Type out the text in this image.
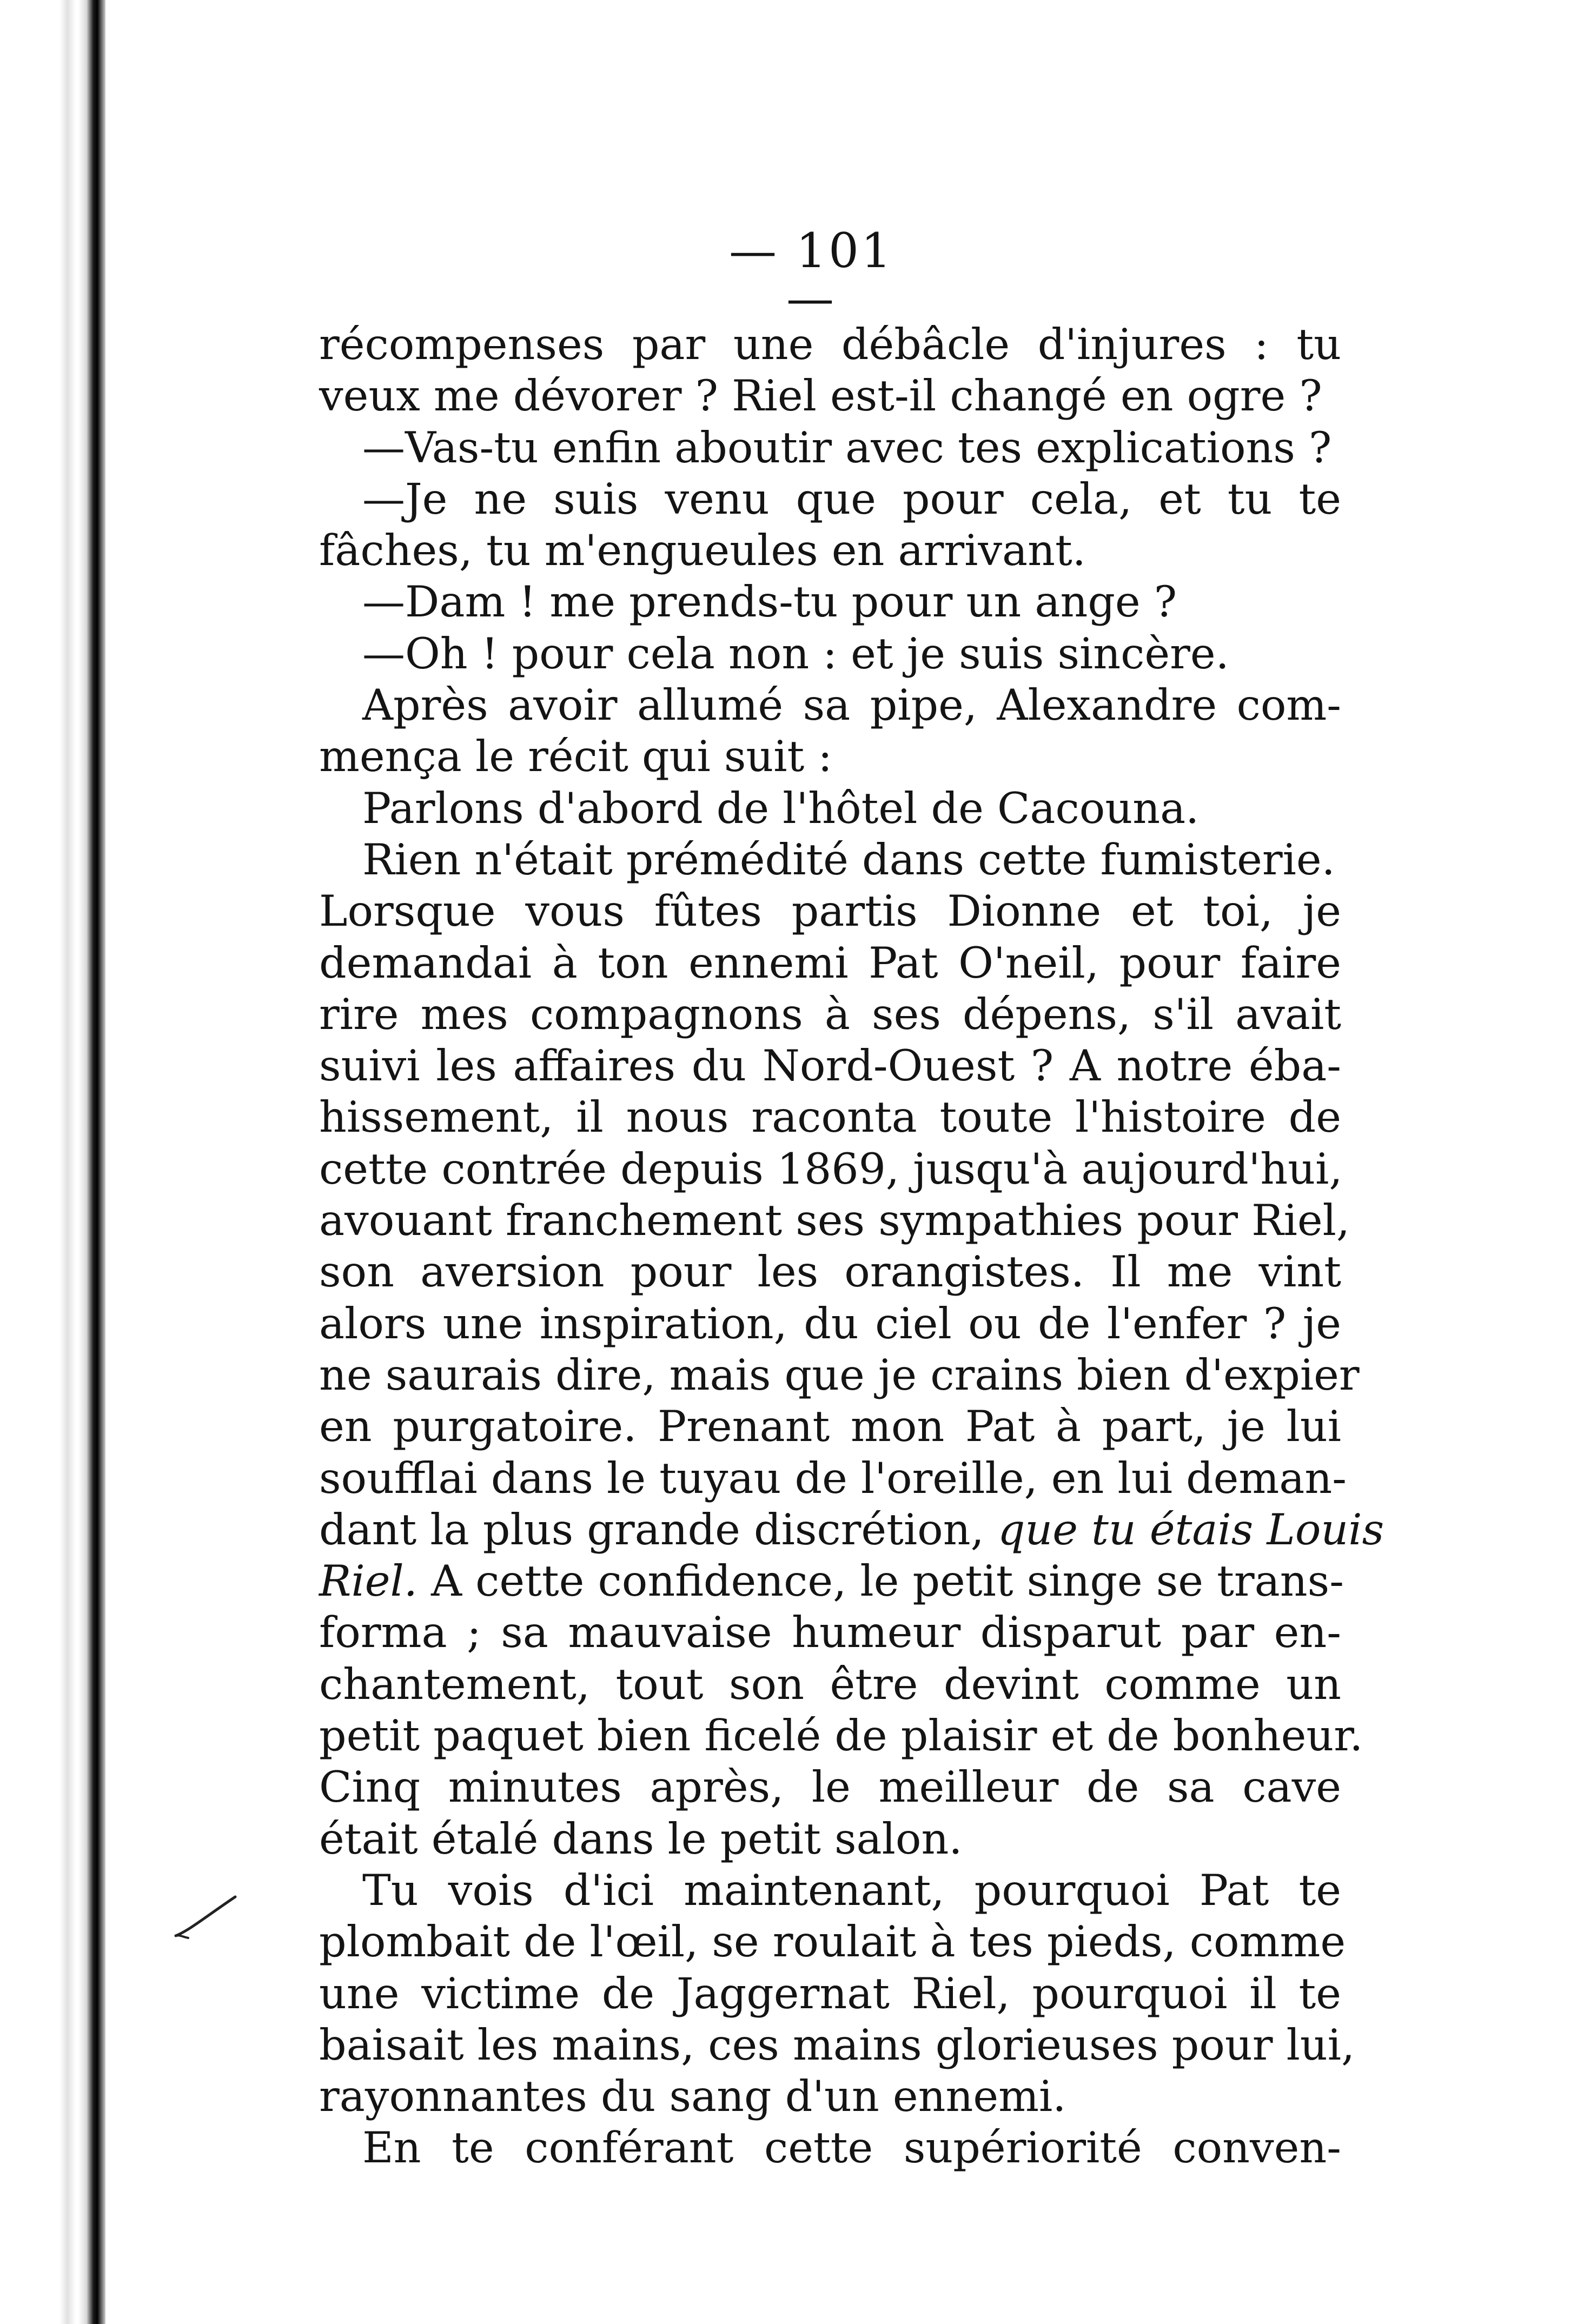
— 101 —
récompenses par une débâcle d'injures : tu
veux me dévorer ? Riel est-il changé en ogre ?
—Vas-tu enfin aboutir avec tes explications ?
—Je ne suis venu que pour cela, et tu te
fâches, tu m'engueules en arrivant.
—Dam ! me prends-tu pour un ange ?
—Oh ! pour cela non : et je suis sincère.
Après avoir allumé sa pipe, Alexandre com-
mença le récit qui suit :
Parlons d'abord de l'hôtel de Cacouna.
Rien n'était prémédité dans cette fumisterie.
Lorsque vous fûtes partis Dionne et toi, je
demandai à ton ennemi Pat O'neil, pour faire
rire mes compagnons à ses dépens, s'il avait
suivi les affaires du Nord-Ouest ? A notre éba-
hissement, il nous raconta toute l'histoire de
cette contrée depuis 1869, jusqu'à aujourd'hui,
avouant franchement ses sympathies pour Riel,
son aversion pour les orangistes. Il me vint
alors une inspiration, du ciel ou de l'enfer ? je
ne saurais dire, mais que je crains bien d'expier
en purgatoire. Prenant mon Pat à part, je lui
soufflai dans le tuyau de l'oreille, en lui deman-
dant la plus grande discrétion, que tu étais Louis
Riel. A cette confidence, le petit singe se trans-
forma ; sa mauvaise humeur disparut par en-
chantement, tout son être devint comme un
petit paquet bien ficelé de plaisir et de bonheur.
Cinq minutes après, le meilleur de sa cave
était étalé dans le petit salon.
Tu vois d'ici maintenant, pourquoi Pat te
plombait de l'œil, se roulait à tes pieds, comme
une victime de Jaggernat Riel, pourquoi il te
baisait les mains, ces mains glorieuses pour lui,
rayonnantes du sang d'un ennemi.
En te conférant cette supériorité conven-
